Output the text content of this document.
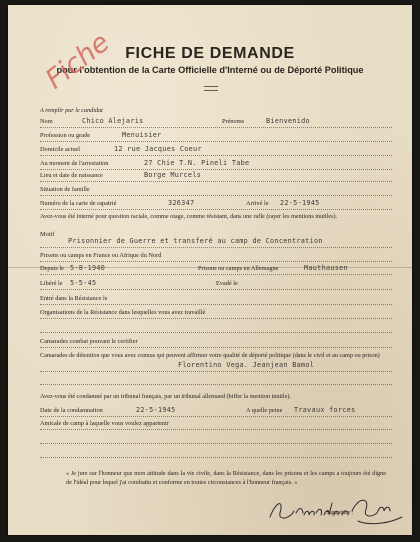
FICHE DE DEMANDE
pour l'obtention de la Carte Officielle d'Interné ou de Déporté Politique
Fiche
A remplir par le candidat
Nom	Chico Alejaris	Prénoms	Bienvenido
Profession ou grade	Menuisier
Domicile actuel	12 rue Jacques Coeur
Au moment de l'arrestation	27 Chie T.N. Pineli Tabe
Lieu et date de naissance	Borge Murcels
Situation de famille
Numéro de la carte de rapatrié	326347	Arrivé le 22-5-1945
Avez-vous été interné pour question raciale, comme otage, comme résistant, dans une rafle (rayer les mentions inutiles).
Motif
Prisonnier de Guerre et transferé au camp de Concentration
Prisons ou camps en France ou Afrique du Nord
Depuis le 5-8-1940	Prisons ou camps en Allemagne	Mauthausen
Libéré le 5-5-45	Evadé le
Entré dans la Résistance le
Organisations de la Résistance dans lesquelles vous avez travaillé
Camarades combat pouvant le certifier
Camarades de détention que vous avez connus qui peuvent affirmer votre qualité de déporté politique (dans le civil et au camp ou prison)
Florentino Vega. Jeanjean Bamol
Avez-vous été condamné par un tribunal français, par un tribunal allemand (biffer la mention inutile).
Date de la condamnation	22-5-1945	A quelle peine Travaux forces
Amicale de camp à laquelle vous voulez appartenir
« Je jure sur l'honneur que mon attitude dans la vie civile, dans la Résistance, dans les prisons et les camps a toujours été digne de l'idéal pour lequel j'ai combattu et conforme en toutes circonstances à l'honneur français. »
Signature :
